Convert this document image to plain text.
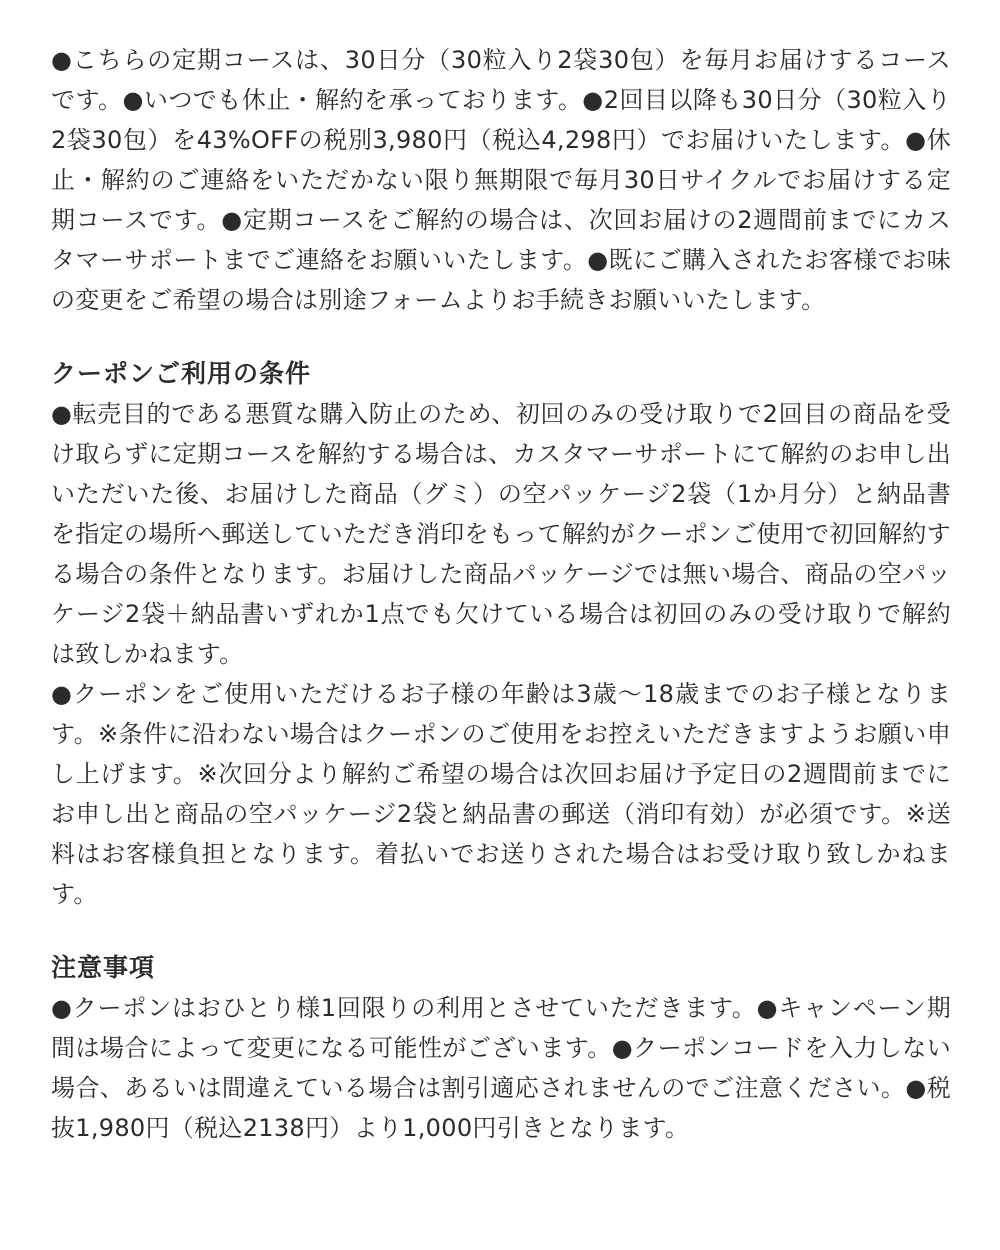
●こちらの定期コースは、30日分（30粒入り2袋30包）を毎月お届けするコースです。●いつでも休止・解約を承っております。●2回目以降も30日分（30粒入り2袋30包）を43%OFFの税別3,980円（税込4,298円）でお届けいたします。●休止・解約のご連絡をいただかない限り無期限で毎月30日サイクルでお届けする定期コースです。●定期コースをご解約の場合は、次回お届けの2週間前までにカスタマーサポートまでご連絡をお願いいたします。●既にご購入されたお客様でお味の変更をご希望の場合は別途フォームよりお手続きお願いいたします。

クーポンご利用の条件

●転売目的である悪質な購入防止のため、初回のみの受け取りで2回目の商品を受け取らずに定期コースを解約する場合は、カスタマーサポートにて解約のお申し出いただいた後、お届けした商品（グミ）の空パッケージ2袋（1か月分）と納品書を指定の場所へ郵送していただき消印をもって解約がクーポンご使用で初回解約する場合の条件となります。お届けした商品パッケージでは無い場合、商品の空パッケージ2袋＋納品書いずれか1点でも欠けている場合は初回のみの受け取りで解約は致しかねます。

●クーポンをご使用いただけるお子様の年齢は3歳〜18歳までのお子様となります。※条件に沿わない場合はクーポンのご使用をお控えいただきますようお願い申し上げます。※次回分より解約ご希望の場合は次回お届け予定日の2週間前までにお申し出と商品の空パッケージ2袋と納品書の郵送（消印有効）が必須です。※送料はお客様負担となります。着払いでお送りされた場合はお受け取り致しかねます。

注意事項

●クーポンはおひとり様1回限りの利用とさせていただきます。●キャンペーン期間は場合によって変更になる可能性がございます。●クーポンコードを入力しない場合、あるいは間違えている場合は割引適応されませんのでご注意ください。●税抜1,980円（税込2138円）より1,000円引きとなります。
